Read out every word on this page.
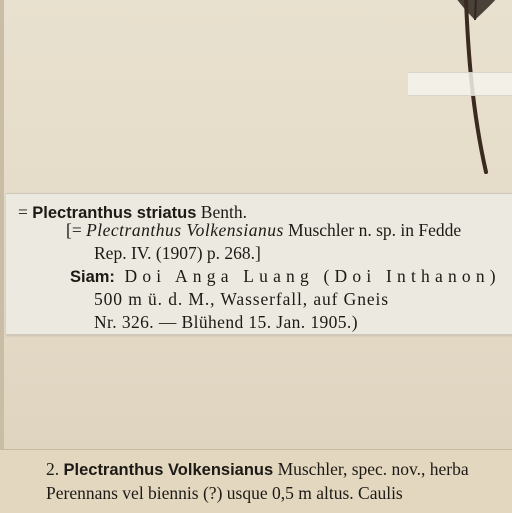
= Plectranthus striatus Benth.
[= Plectranthus Volkensianus Muschler n. sp. in Fedde
Rep. IV. (1907) p. 268.]
Siam: Doi Anga Luang (Doi Inthanon)
500 m ü. d. M., Wasserfall, auf Gneis
Nr. 326. — Blühend 15. Jan. 1905.)
2. Plectranthus Volkensianus Muschler, spec. nov., herba
Perennans vel biennis (?) usque 0,5 m altus. Caulis
